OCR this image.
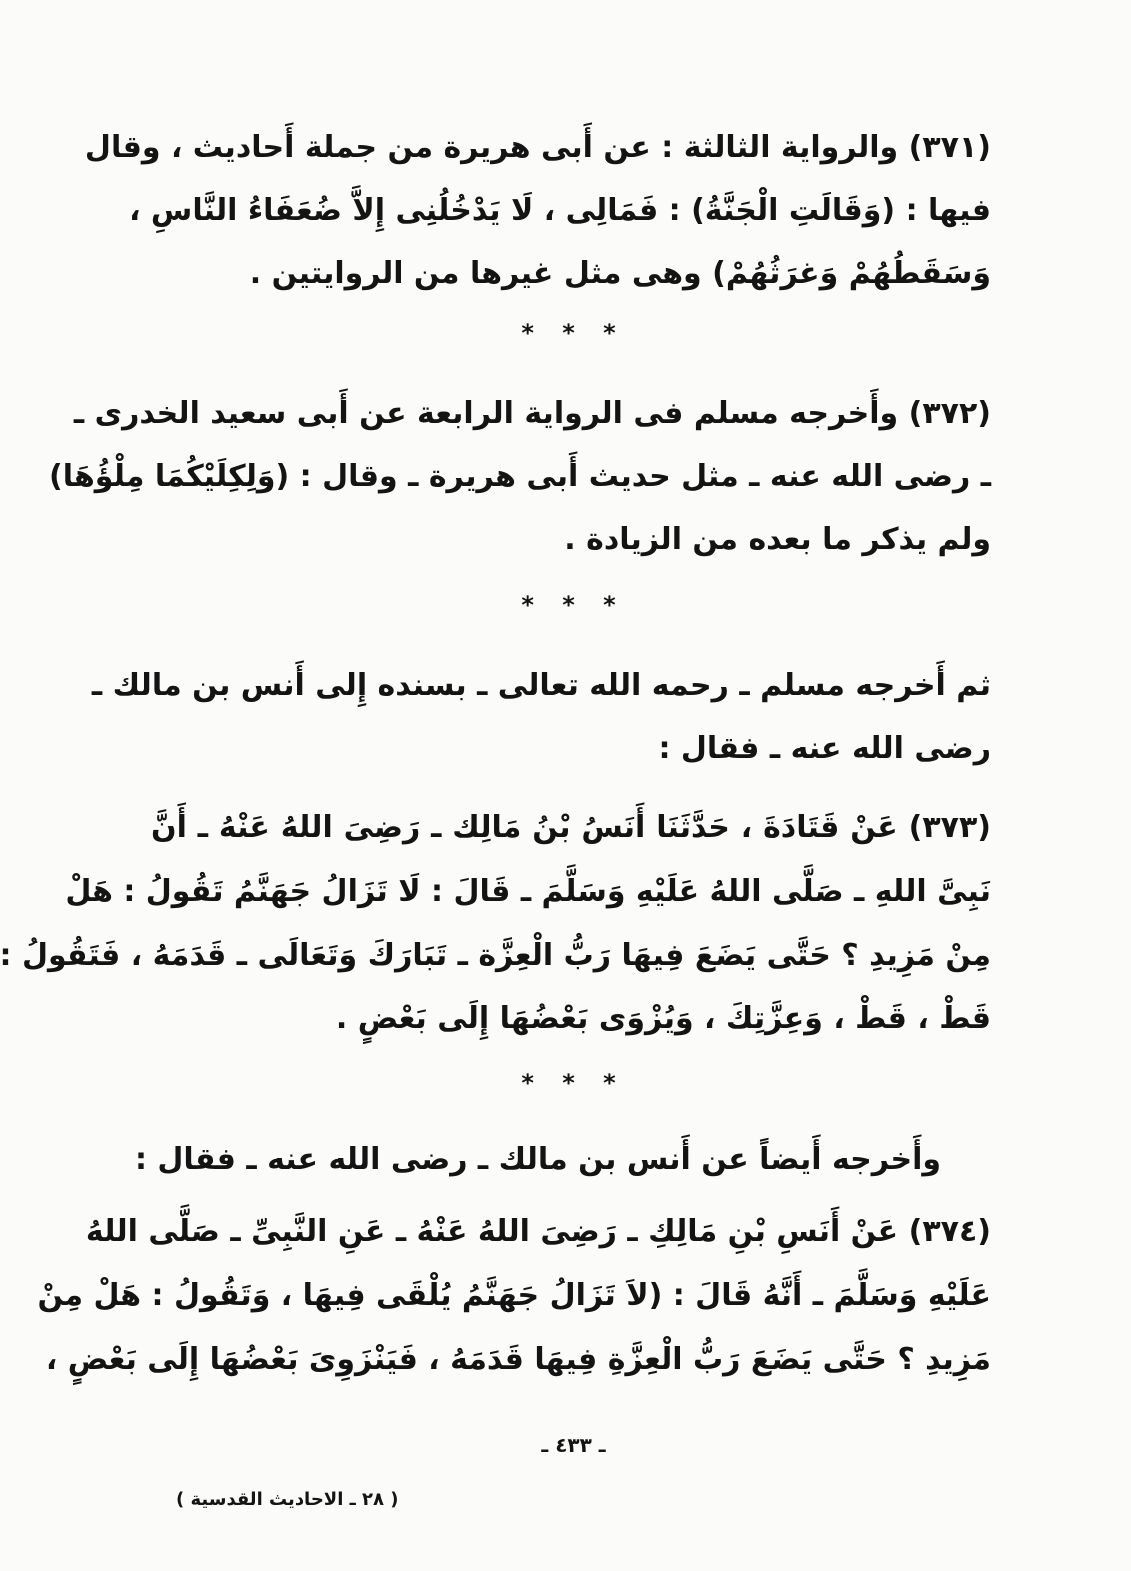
(٣٧١) والرواية الثالثة : عن أَبى هريرة من جملة أَحاديث ، وقال
فيها : (وَقَالَتِ الْجَنَّةُ) : فَمَالِى ، لَا يَدْخُلُنِى إِلاَّ ضُعَفَاءُ النَّاسِ ،
وَسَقَطُهُمْ وَغرَثُهُمْ) وهى مثل غيرها من الروايتين .
* * *
(٣٧٢) وأَخرجه مسلم فى الرواية الرابعة عن أَبى سعيد الخدرى ـ
ـ رضى الله عنه ـ مثل حديث أَبى هريرة ـ وقال : (وَلِكِلَيْكُمَا مِلْؤُهَا)
ولم يذكر ما بعده من الزيادة .
* * *
ثم أَخرجه مسلم ـ رحمه الله تعالى ـ بسنده إِلى أَنس بن مالك ـ
رضى الله عنه ـ فقال :
(٣٧٣) عَنْ قَتَادَةَ ، حَدَّثَنَا أَنَسُ بْنُ مَالِك ـ رَضِىَ اللهُ عَنْهُ ـ أَنَّ
نَبِىَّ اللهِ ـ صَلَّى اللهُ عَلَيْهِ وَسَلَّمَ ـ قَالَ : لَا تَزَالُ جَهَنَّمُ تَقُولُ : هَلْ
مِنْ مَزِيدِ ؟ حَتَّى يَضَعَ فِيهَا رَبُّ الْعِزَّة ـ تَبَارَكَ وَتَعَالَى ـ قَدَمَهُ ، فَتَقُولُ :
قَطْ ، قَطْ ، وَعِزَّتِكَ ، وَيُزْوَى بَعْضُهَا إِلَى بَعْضٍ .
* * *
وأَخرجه أَيضاً عن أَنس بن مالك ـ رضى الله عنه ـ فقال :
(٣٧٤) عَنْ أَنَسِ بْنِ مَالِكِ ـ رَضِىَ اللهُ عَنْهُ ـ عَنِ النَّبِىِّ ـ صَلَّى اللهُ
عَلَيْهِ وَسَلَّمَ ـ أَنَّهُ قَالَ : (لاَ تَزَالُ جَهَنَّمُ يُلْقَى فِيهَا ، وَتَقُولُ : هَلْ مِنْ
مَزِيدِ ؟ حَتَّى يَضَعَ رَبُّ الْعِزَّةِ فِيهَا قَدَمَهُ ، فَيَنْزَوِىَ بَعْضُهَا إِلَى بَعْضٍ ،
ـ ٤٣٣ ـ
( ٢٨ ـ الاحاديث القدسية )
